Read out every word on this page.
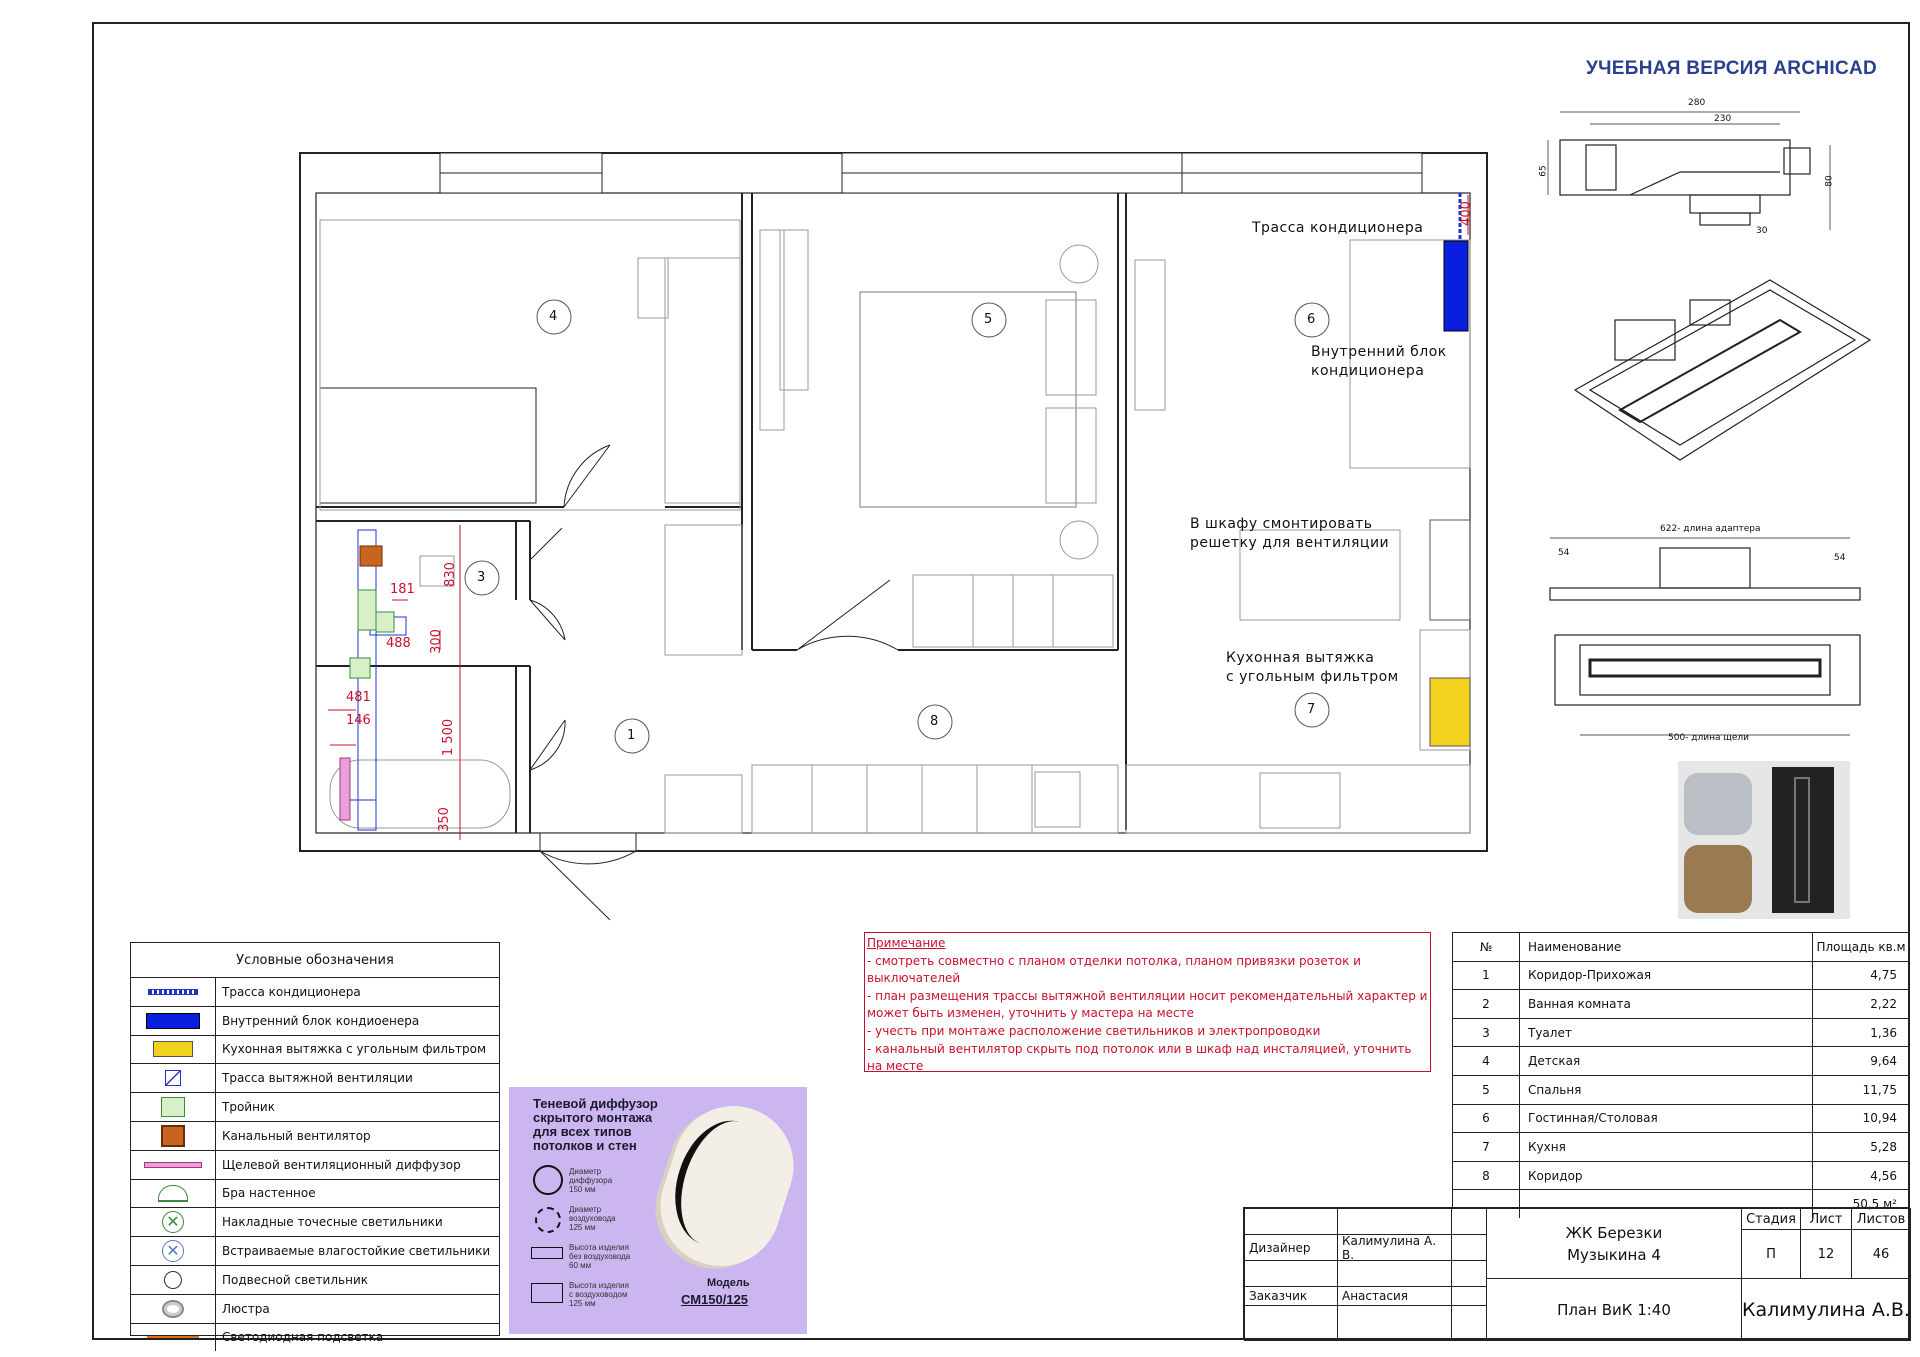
УЧЕБНАЯ ВЕРСИЯ ARCHICAD
4	5	6
3
1
8
7
Трасса кондиционера
Внутренний блок
кондиционера
В шкафу смонтировать
решетку для вентиляции
Кухонная вытяжка
с угольным фильтром
400
830
181
300
488
481
146	1 500
350
280
230
65
80
30
622- длина адаптера
54	54
500- длина щели
Условные обозначения
Трасса кондиционера
Внутренний блок кондиоенера
Кухонная вытяжка с угольным фильтром
Трасса вытяжной вентиляции
Тройник
Канальный вентилятор
Щелевой вентиляционный диффузор
Бра настенное
✕	Накладные точесные светильники
✕	Встраиваемые влагостойкие светильники
Подвесной светильник
Люстра
Светодиодная подсветка
Теневой диффузор
скрытого монтажа
для всех типов
потолков и стен
Диаметр
диффузора
150 мм
Диаметр
воздуховода
125 мм
Высота изделия
без воздуховода
60 мм
Высота изделия
с воздуховодом
125 мм
Модель
СМ150/125
Примечание
- смотреть совместно с планом отделки потолка, планом привязки розеток и
выключателей
- план размещения трассы вытяжной вентиляции носит рекомендательный характер и
может быть изменен, уточнить у мастера на месте
- учесть при монтаже расположение светильников и электропроводки
- канальный вентилятор скрыть под потолок или в шкаф над инсталяцией, уточнить
на месте
№	Наименование	Площадь кв.м
1	Коридор-Прихожая	4,75
2	Ванная комната	2,22
3	Туалет	1,36
4	Детская	9,64
5	Спальня	11,75
6	Гостинная/Столовая	10,94
7	Кухня	5,28
8	Коридор	4,56
50,5 м²
Дизайнер	Калимулина А. В.
Заказчик	Анастасия
ЖК Березки
Музыкина 4
План ВиК 1:40
Стадия	Лист	Листов
П	12	46
Калимулина А.В.
